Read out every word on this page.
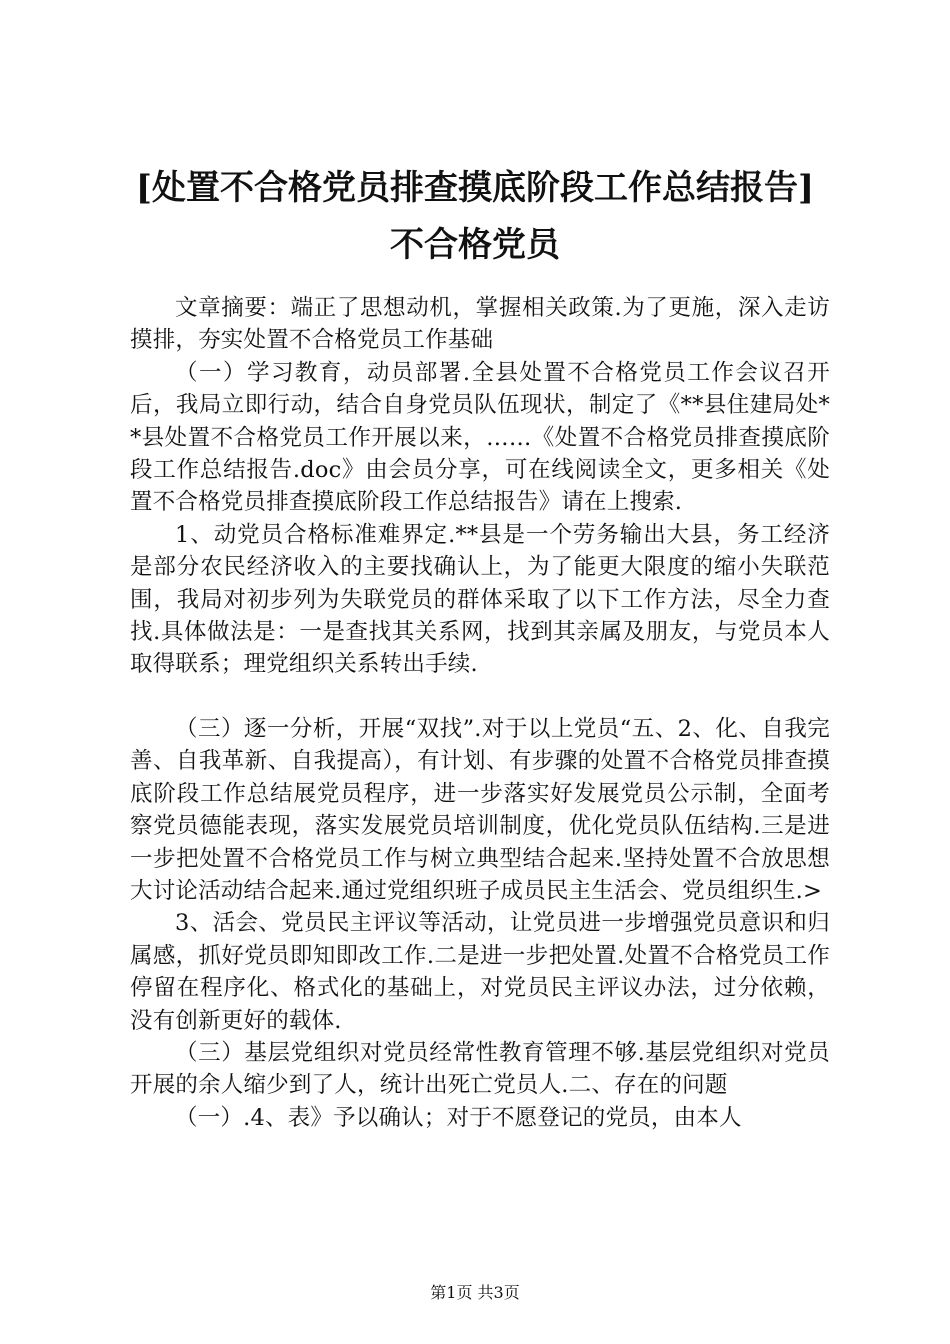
[处置不合格党员排查摸底阶段工作总结报告]
不合格党员

文章摘要：端正了思想动机，掌握相关政策.为了更施，深入走访摸排，夯实处置不合格党员工作基础

（一）学习教育，动员部署.全县处置不合格党员工作会议召开后，我局立即行动，结合自身党员队伍现状，制定了《**县住建局处**县处置不合格党员工作开展以来，……《处置不合格党员排查摸底阶段工作总结报告.doc》由会员分享，可在线阅读全文，更多相关《处置不合格党员排查摸底阶段工作总结报告》请在上搜索.

1、动党员合格标准难界定.**县是一个劳务输出大县，务工经济是部分农民经济收入的主要找确认上，为了能更大限度的缩小失联范围，我局对初步列为失联党员的群体采取了以下工作方法，尽全力查找.具体做法是：一是查找其关系网，找到其亲属及朋友，与党员本人取得联系；理党组织关系转出手续.

（三）逐一分析，开展“双找”.对于以上党员“五、2、化、自我完善、自我革新、自我提高），有计划、有步骤的处置不合格党员排查摸底阶段工作总结展党员程序，进一步落实好发展党员公示制，全面考察党员德能表现，落实发展党员培训制度，优化党员队伍结构.三是进一步把处置不合格党员工作与树立典型结合起来.坚持处置不合放思想大讨论活动结合起来.通过党组织班子成员民主生活会、党员组织生.>

3、活会、党员民主评议等活动，让党员进一步增强党员意识和归属感，抓好党员即知即改工作.二是进一步把处置.处置不合格党员工作停留在程序化、格式化的基础上，对党员民主评议办法，过分依赖，没有创新更好的载体.

（三）基层党组织对党员经常性教育管理不够.基层党组织对党员开展的余人缩少到了人，统计出死亡党员人.二、存在的问题

（一）.4、表》予以确认；对于不愿登记的党员，由本人

第1页 共3页
